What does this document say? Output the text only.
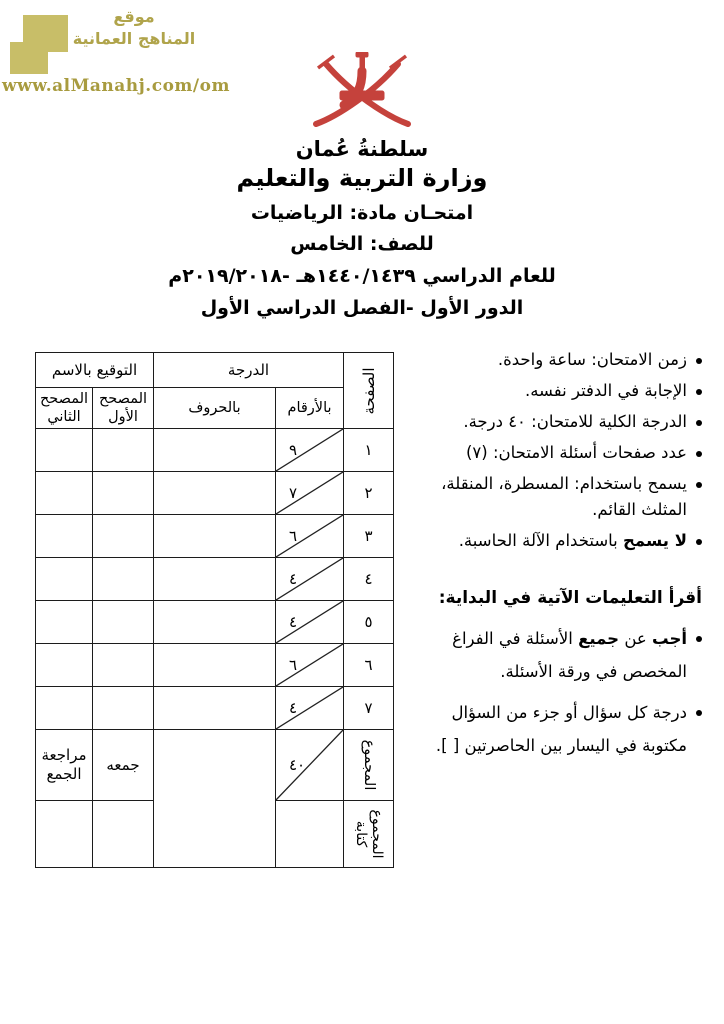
موقع
المناهج العمانية
www.alManahj.com/om
سلطنةُ عُمان
وزارة التربية والتعليم
امتحـان مادة: الرياضيات
للصف: الخامس
للعام الدراسي ١٤٤٠/١٤٣٩هـ -٢٠١٩/٢٠١٨م
الدور الأول -الفصل الدراسي الأول
زمن الامتحان: ساعة واحدة.
الإجابة في الدفتر نفسه.
الدرجة الكلية للامتحان: ٤٠ درجة.
عدد صفحات أسئلة الامتحان: (٧)
يسمح باستخدام: المسطرة، المنقلة، المثلث القائم.
لا يسمح باستخدام الآلة الحاسبة.
أقرأ التعليمات الآتية في البداية:
أجب عن جميع الأسئلة في الفراغ المخصص في ورقة الأسئلة.
درجة كل سؤال أو جزء من السؤال مكتوبة في اليسار بين الحاصرتين [ ].
الصفحة	الدرجة		التوقيع بالاسم	
	بالأرقام	بالحروف	المصحح الأول	المصحح الثاني
١	٩			

٢	٧			

٣	٦			

٤	٤			

٥	٤			

٦	٦			

٧	٤			

المجموع	٤٠		جمعه	مراجعة الجمع

المجموع كتابة				
